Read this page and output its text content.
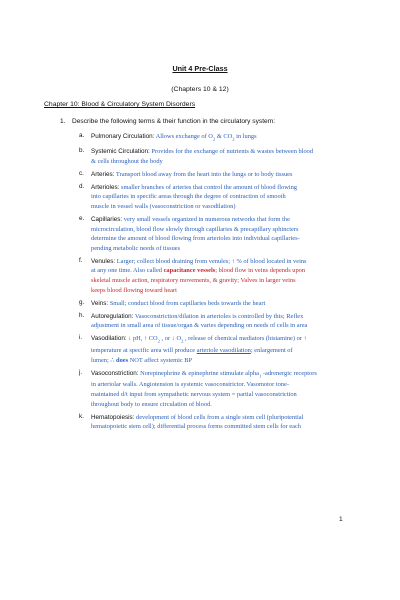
Unit 4 Pre-Class
(Chapters 10 & 12)
Chapter 10: Blood & Circulatory System Disorders
1. Describe the following terms & their function in the circulatory system:
a. Pulmonary Circulation: Allows exchange of $O_2$ & $CO_2$ in lungs
b. Systemic Circulation: Provides for the exchange of nutrients & wastes between blood
& cells throughout the body
c. Arteries: Transport blood away from the heart into the lungs or to body tissues
d. Arterioles: smaller branches of arteries that control the amount of blood flowing
into capillaries in specific areas through the degree of contraction of smooth
muscle in vessel walls (vasoconstriction or vasodilation)
e. Capillaries: very small vessels organized in numerous networks that form the
microcirculation, blood flow slowly through capillaries & precapillary sphincters
determine the amount of blood flowing from arterioles into individual capillaries-
pending metabolic needs of tissues
f. Venules: Larger; collect blood draining from venules; ↑ % of blood located in veins
at any one time. Also called capacitance vessels; blood flow in veins depends upon
skeletal muscle action, respiratory movements, & gravity; Valves in larger veins
keeps blood flowing toward heart
g. Veins: Small; conduct blood from capillaries beds towards the heart
h. Autoregulation: Vasoconstriction/dilation in arterioles is controlled by this; Reflex
adjustment in small area of tissue/organ & varies depending on needs of cells in area
i. Vasodilation: ↓ pH, ↑ $CO_2$ , or ↓ $O_2$ , release of chemical mediators (histamine) or ↑
temperature at specific area will produce arteriole vasodilation; enlargement of
lumen; ∴ does NOT affect systemic BP
j. Vasoconstriction: Norepinephrine & epinephrine stimulate alpha$_1$ -adrenergic receptors
in arteriolar walls. Angiotension is systemic vasoconstrictor. Vasomotor tone-
maintained d/t input from sympathetic nervous system = partial vasoconstriction
throughout body to ensure circulation of blood.
k. Hematopoiesis: development of blood cells from a single stem cell (pluripotential
hematopoietic stem cell); differential process forms committed stem cells for each
1
